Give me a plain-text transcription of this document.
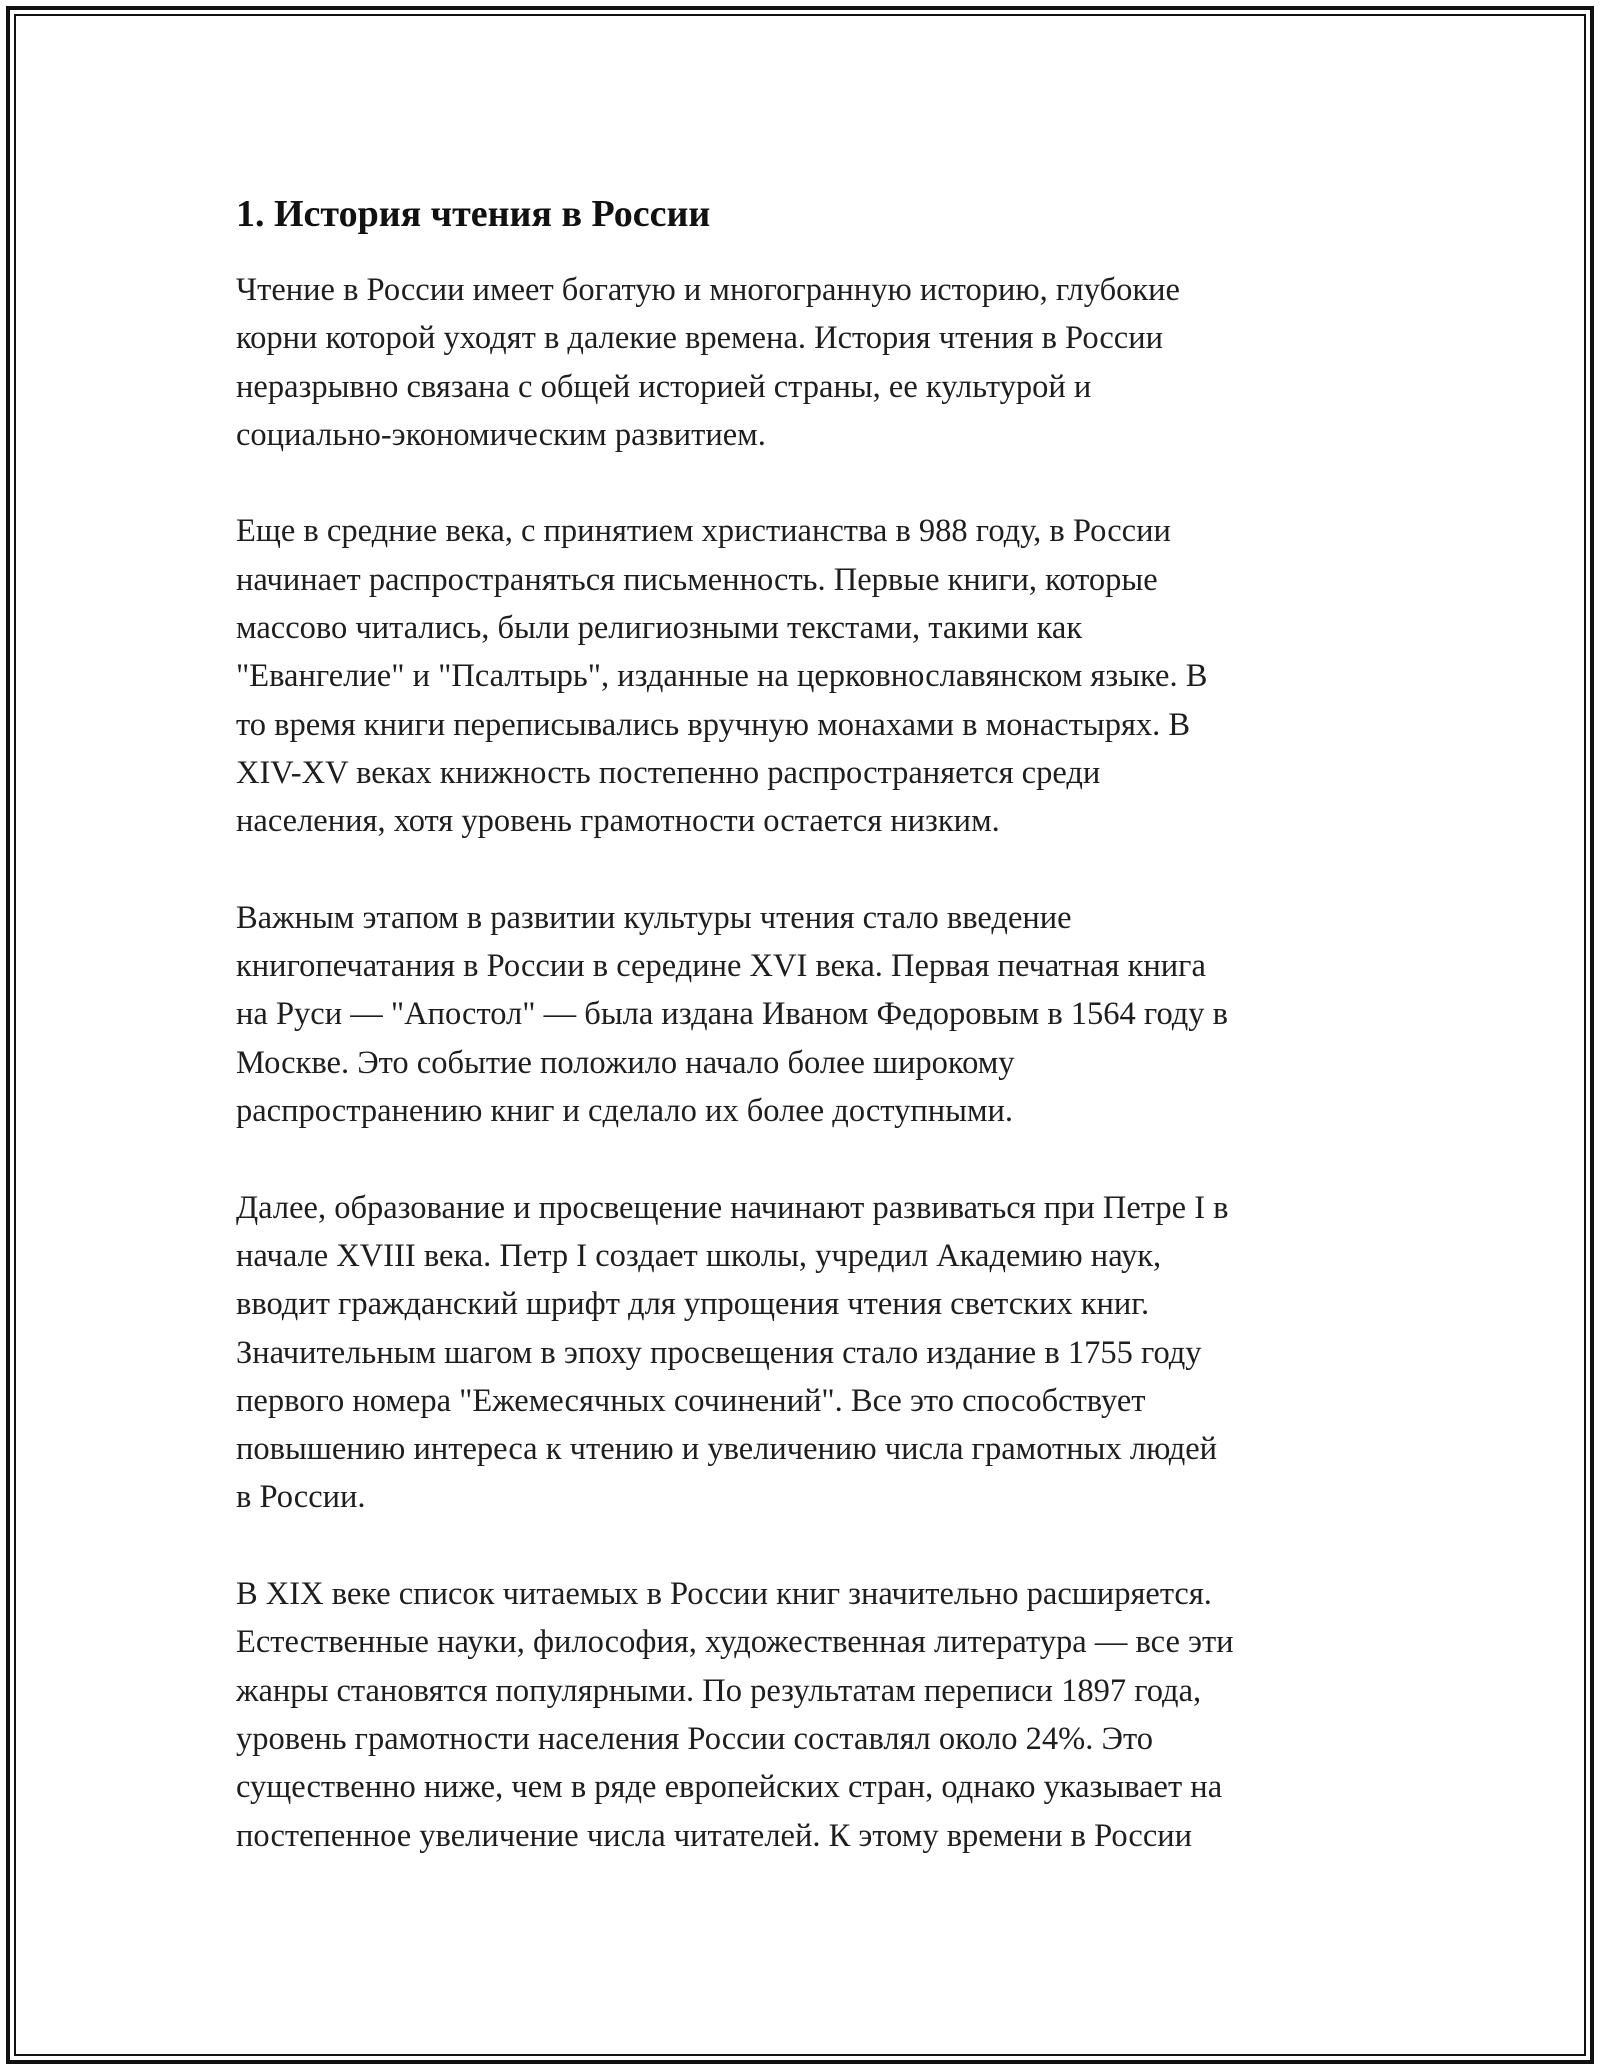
1. История чтения в России

Чтение в России имеет богатую и многогранную историю, глубокие
корни которой уходят в далекие времена. История чтения в России
неразрывно связана с общей историей страны, ее культурой и
социально-экономическим развитием.

Еще в средние века, с принятием христианства в 988 году, в России
начинает распространяться письменность. Первые книги, которые
массово читались, были религиозными текстами, такими как
"Евангелие" и "Псалтырь", изданные на церковнославянском языке. В
то время книги переписывались вручную монахами в монастырях. В
XIV-XV веках книжность постепенно распространяется среди
населения, хотя уровень грамотности остается низким.

Важным этапом в развитии культуры чтения стало введение
книгопечатания в России в середине XVI века. Первая печатная книга
на Руси — "Апостол" — была издана Иваном Федоровым в 1564 году в
Москве. Это событие положило начало более широкому
распространению книг и сделало их более доступными.

Далее, образование и просвещение начинают развиваться при Петре I в
начале XVIII века. Петр I создает школы, учредил Академию наук,
вводит гражданский шрифт для упрощения чтения светских книг.
Значительным шагом в эпоху просвещения стало издание в 1755 году
первого номера "Ежемесячных сочинений". Все это способствует
повышению интереса к чтению и увеличению числа грамотных людей
в России.

В XIX веке список читаемых в России книг значительно расширяется.
Естественные науки, философия, художественная литература — все эти
жанры становятся популярными. По результатам переписи 1897 года,
уровень грамотности населения России составлял около 24%. Это
существенно ниже, чем в ряде европейских стран, однако указывает на
постепенное увеличение числа читателей. К этому времени в России
